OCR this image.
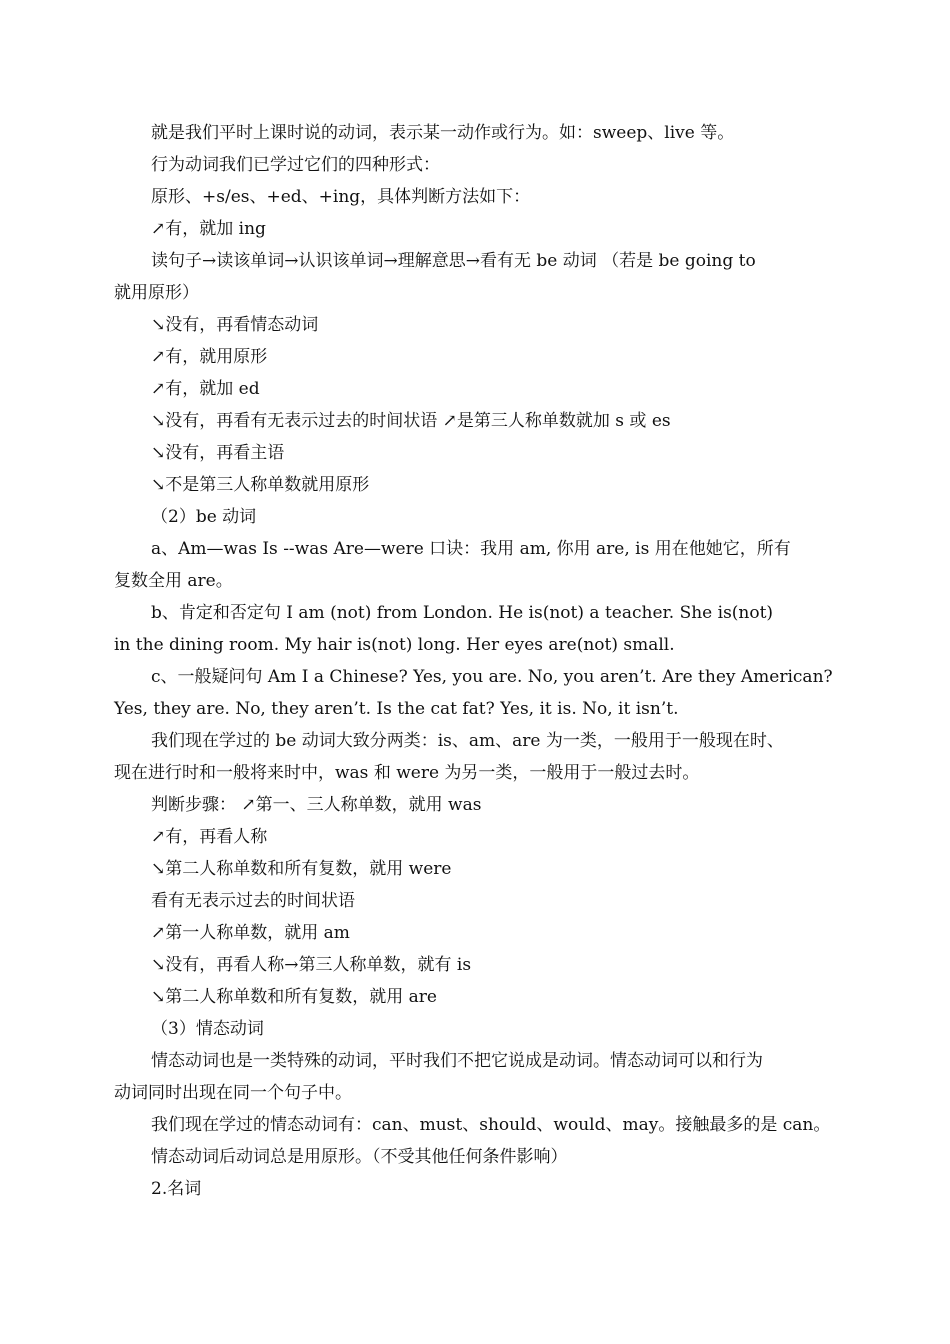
就是我们平时上课时说的动词，表示某一动作或行为。如：sweep、live 等。
行为动词我们已学过它们的四种形式：
原形、+s/es、+ed、+ing，具体判断方法如下：
↗有，就加 ing
读句子→读该单词→认识该单词→理解意思→看有无 be 动词 （若是 be going to
就用原形）
↘没有，再看情态动词
↗有，就用原形
↗有，就加 ed
↘没有，再看有无表示过去的时间状语 ↗是第三人称单数就加 s 或 es
↘没有，再看主语
↘不是第三人称单数就用原形
（2）be 动词
a、Am—was Is --was Are—were 口诀：我用 am, 你用 are, is 用在他她它，所有
复数全用 are。
b、肯定和否定句 I am (not) from London. He is(not) a teacher. She is(not)
in the dining room. My hair is(not) long. Her eyes are(not) small.
c、一般疑问句 Am I a Chinese? Yes, you are. No, you aren’t. Are they American?
Yes, they are. No, they aren’t. Is the cat fat? Yes, it is. No, it isn’t.
我们现在学过的 be 动词大致分两类：is、am、are 为一类，一般用于一般现在时、
现在进行时和一般将来时中，was 和 were 为另一类，一般用于一般过去时。
判断步骤： ↗第一、三人称单数，就用 was
↗有，再看人称
↘第二人称单数和所有复数，就用 were
看有无表示过去的时间状语
↗第一人称单数，就用 am
↘没有，再看人称→第三人称单数，就有 is
↘第二人称单数和所有复数，就用 are
（3）情态动词
情态动词也是一类特殊的动词，平时我们不把它说成是动词。情态动词可以和行为
动词同时出现在同一个句子中。
我们现在学过的情态动词有：can、must、should、would、may。接触最多的是 can。
情态动词后动词总是用原形。（不受其他任何条件影响）
2.名词
